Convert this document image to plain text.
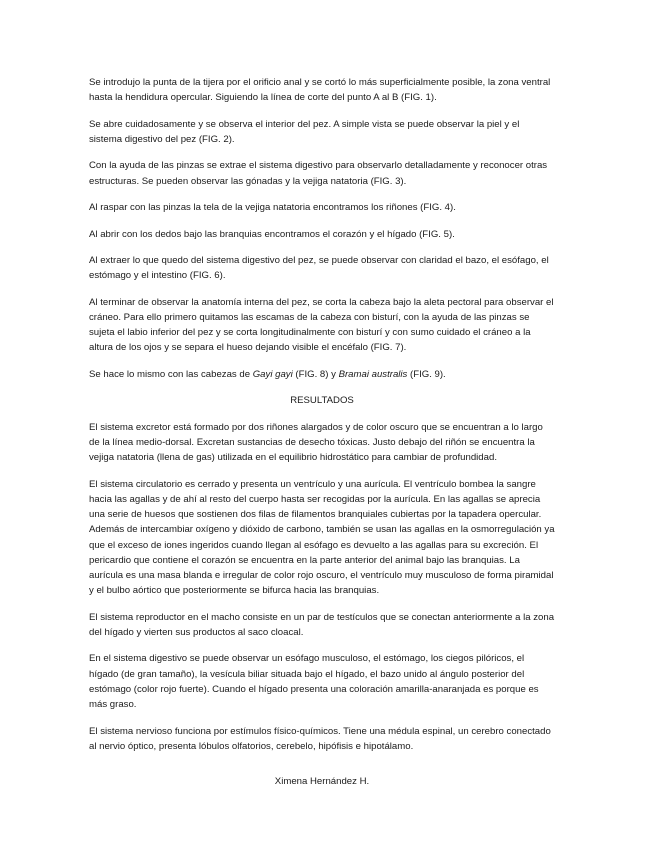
Se introdujo la punta de la tijera por el orificio anal y se cortó lo más superficialmente posible, la zona ventral hasta la hendidura opercular. Siguiendo la línea de corte del punto A al B (FIG. 1).

Se abre cuidadosamente y se observa el interior del pez. A simple vista se puede observar la piel y el sistema digestivo del pez (FIG. 2).

Con la ayuda de las pinzas se extrae el sistema digestivo para observarlo detalladamente y reconocer otras estructuras. Se pueden observar las gónadas y la vejiga natatoria (FIG. 3).

Al raspar con las pinzas la tela de la vejiga natatoria encontramos los riñones (FIG. 4).

Al abrir con los dedos bajo las branquias encontramos el corazón y el hígado (FIG. 5).

Al extraer lo que quedo del sistema digestivo del pez, se puede observar con claridad el bazo, el esófago, el estómago y el intestino (FIG. 6).

Al terminar de observar la anatomía interna del pez, se corta la cabeza bajo la aleta pectoral para observar el cráneo. Para ello primero quitamos las escamas de la cabeza con bisturí, con la ayuda de las pinzas se sujeta el labio inferior del pez y se corta longitudinalmente con bisturí y con sumo cuidado el cráneo a la altura de los ojos y se separa el hueso dejando visible el encéfalo (FIG. 7).

Se hace lo mismo con las cabezas de Gayi gayi (FIG. 8) y Bramai australis (FIG. 9).

RESULTADOS

El sistema excretor está formado por dos riñones alargados y de color oscuro que se encuentran a lo largo de la línea medio-dorsal. Excretan sustancias de desecho tóxicas. Justo debajo del riñón se encuentra la vejiga natatoria (llena de gas) utilizada en el equilibrio hidrostático para cambiar de profundidad.

El sistema circulatorio es cerrado y presenta un ventrículo y una aurícula. El ventrículo bombea la sangre hacia las agallas y de ahí al resto del cuerpo hasta ser recogidas por la aurícula. En las agallas se aprecia una serie de huesos que sostienen dos filas de filamentos branquiales cubiertas por la tapadera opercular. Además de intercambiar oxígeno y dióxido de carbono, también se usan las agallas en la osmorregulación ya que el exceso de iones ingeridos cuando llegan al esófago es devuelto a las agallas para su excreción. El pericardio que contiene el corazón se encuentra en la parte anterior del animal bajo las branquias. La aurícula es una masa blanda e irregular de color rojo oscuro, el ventrículo muy musculoso de forma piramidal y el bulbo aórtico que posteriormente se bifurca hacia las branquias.

El sistema reproductor en el macho consiste en un par de testículos que se conectan anteriormente a la zona del hígado y vierten sus productos al saco cloacal.

En el sistema digestivo se puede observar un esófago musculoso, el estómago, los ciegos pilóricos, el hígado (de gran tamaño), la vesícula biliar situada bajo el hígado, el bazo unido al ángulo posterior del estómago (color rojo fuerte). Cuando el hígado presenta una coloración amarilla-anaranjada es porque es más graso.

El sistema nervioso funciona por estímulos físico-químicos. Tiene una médula espinal, un cerebro conectado al nervio óptico, presenta lóbulos olfatorios, cerebelo, hipófisis e hipotálamo.

Ximena Hernández H.
